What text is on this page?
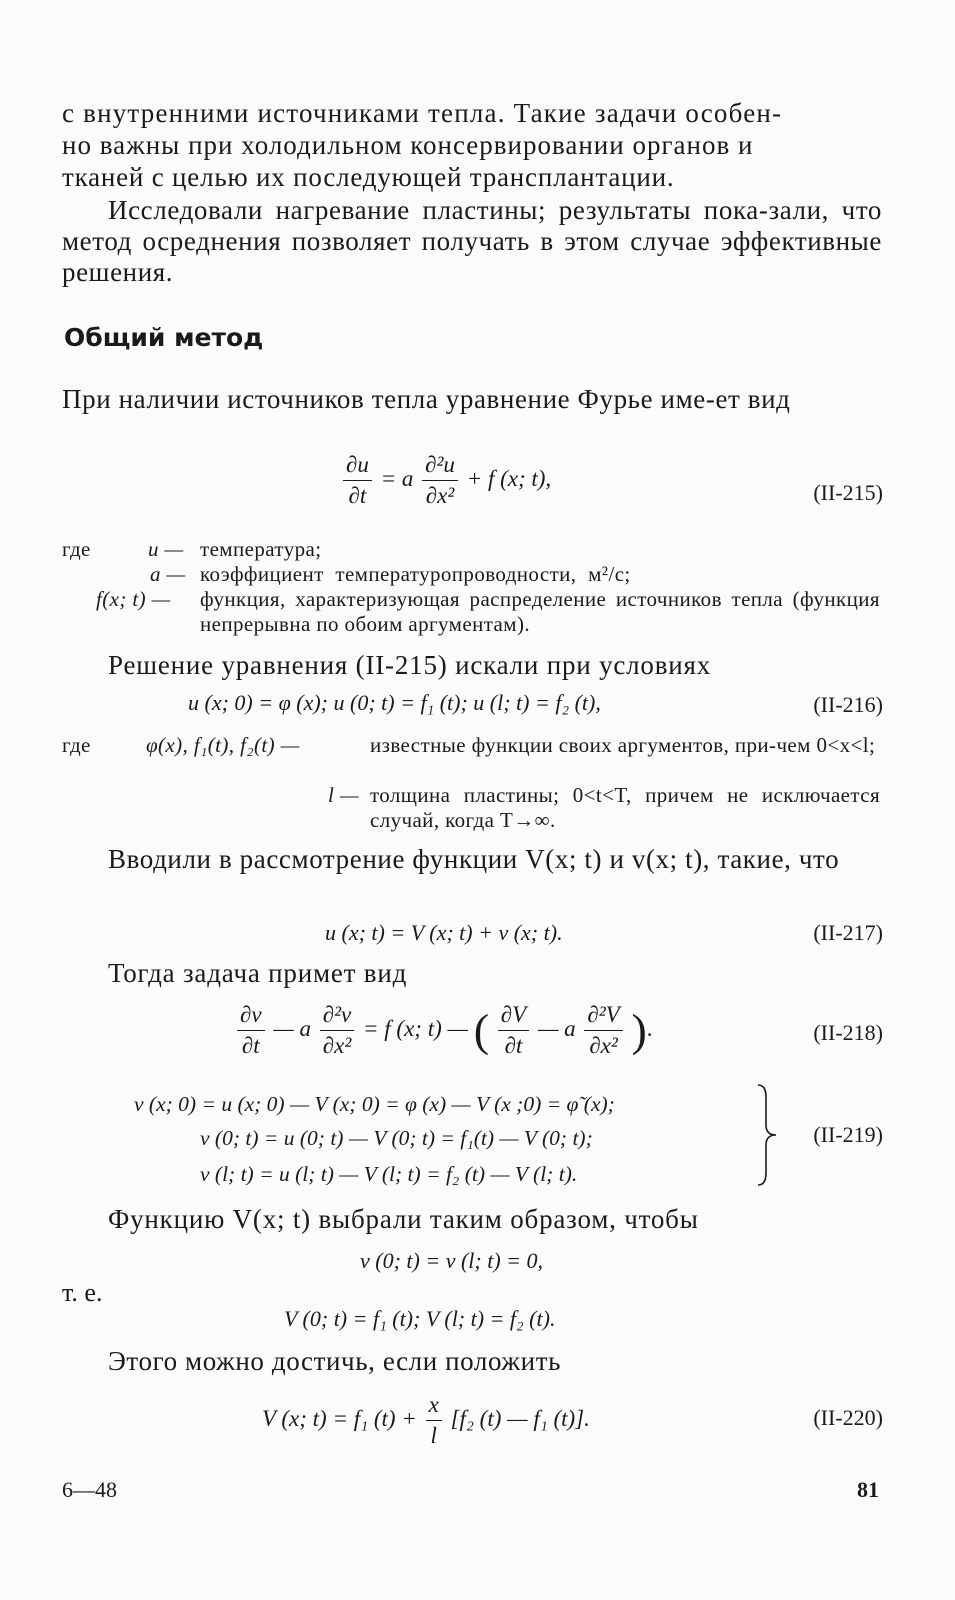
с внутренними источниками тепла. Такие задачи особен-
но важны при холодильном консервировании органов и
тканей с целью их последующей трансплантации.
Исследовали нагревание пластины; результаты пока-зали, что метод осреднения позволяет получать в этом случае эффективные решения.
Общий метод
При наличии источников тепла уравнение Фурье име-ет вид
$\frac{\partial u}{\partial t} = a \frac{\text{∂²u}}{\text{∂x²}} + f$ (x; t),
(II-215)
где	u — температура;
a — коэффициент температуропроводности, м²/с;
f(x; t) — функция, характеризующая распределение источников тепла (функция непрерывна по обоим аргументам).
Решение уравнения (II-215) искали при условиях
u (x; 0) = φ (x); u (0; t) = f₁ (t); u (l; t) = f₂ (t),	(II-216)
где	φ(x), f₁(t), f₂(t) —	известные функции своих аргументов, при-чем 0<x<l;
l — толщина пластины; 0<t<T, причем не исключается случай, когда T→∞.
Вводили в рассмотрение функции V(x; t) и v(x; t), такие, что
u (x; t) = V (x; t) + v (x; t).	(II-217)
Тогда задача примет вид
$\frac{\partial v}{\partial t}$ — a $\frac{\text{∂²v}}{\text{∂x²}} = f$ (x; t) — ( $\frac{\partial V}{\partial t}$ — a $\frac{\text{∂²V}}{\text{∂x²}}$ ).	(II-218)
v (x; 0) = u (x; 0) — V (x; 0) = φ (x) — V (x ;0) = φ̃ (x);
v (0; t) = u (0; t) — V (0; t) = f₁(t) — V (0; t);
v (l; t) = u (l; t) — V (l; t) = f₂ (t) — V (l; t).
(II-219)
Функцию V(x; t) выбрали таким образом, чтобы
v (0; t) = v (l; t) = 0,
т. е.
V (0; t) = f₁ (t); V (l; t) = f₂ (t).
Этого можно достичь, если положить
V (x; t) = f₁ $(t) + \frac{x}{l} [f_2$ (t) — f₁ (t)].	(II-220)
6—48	81
